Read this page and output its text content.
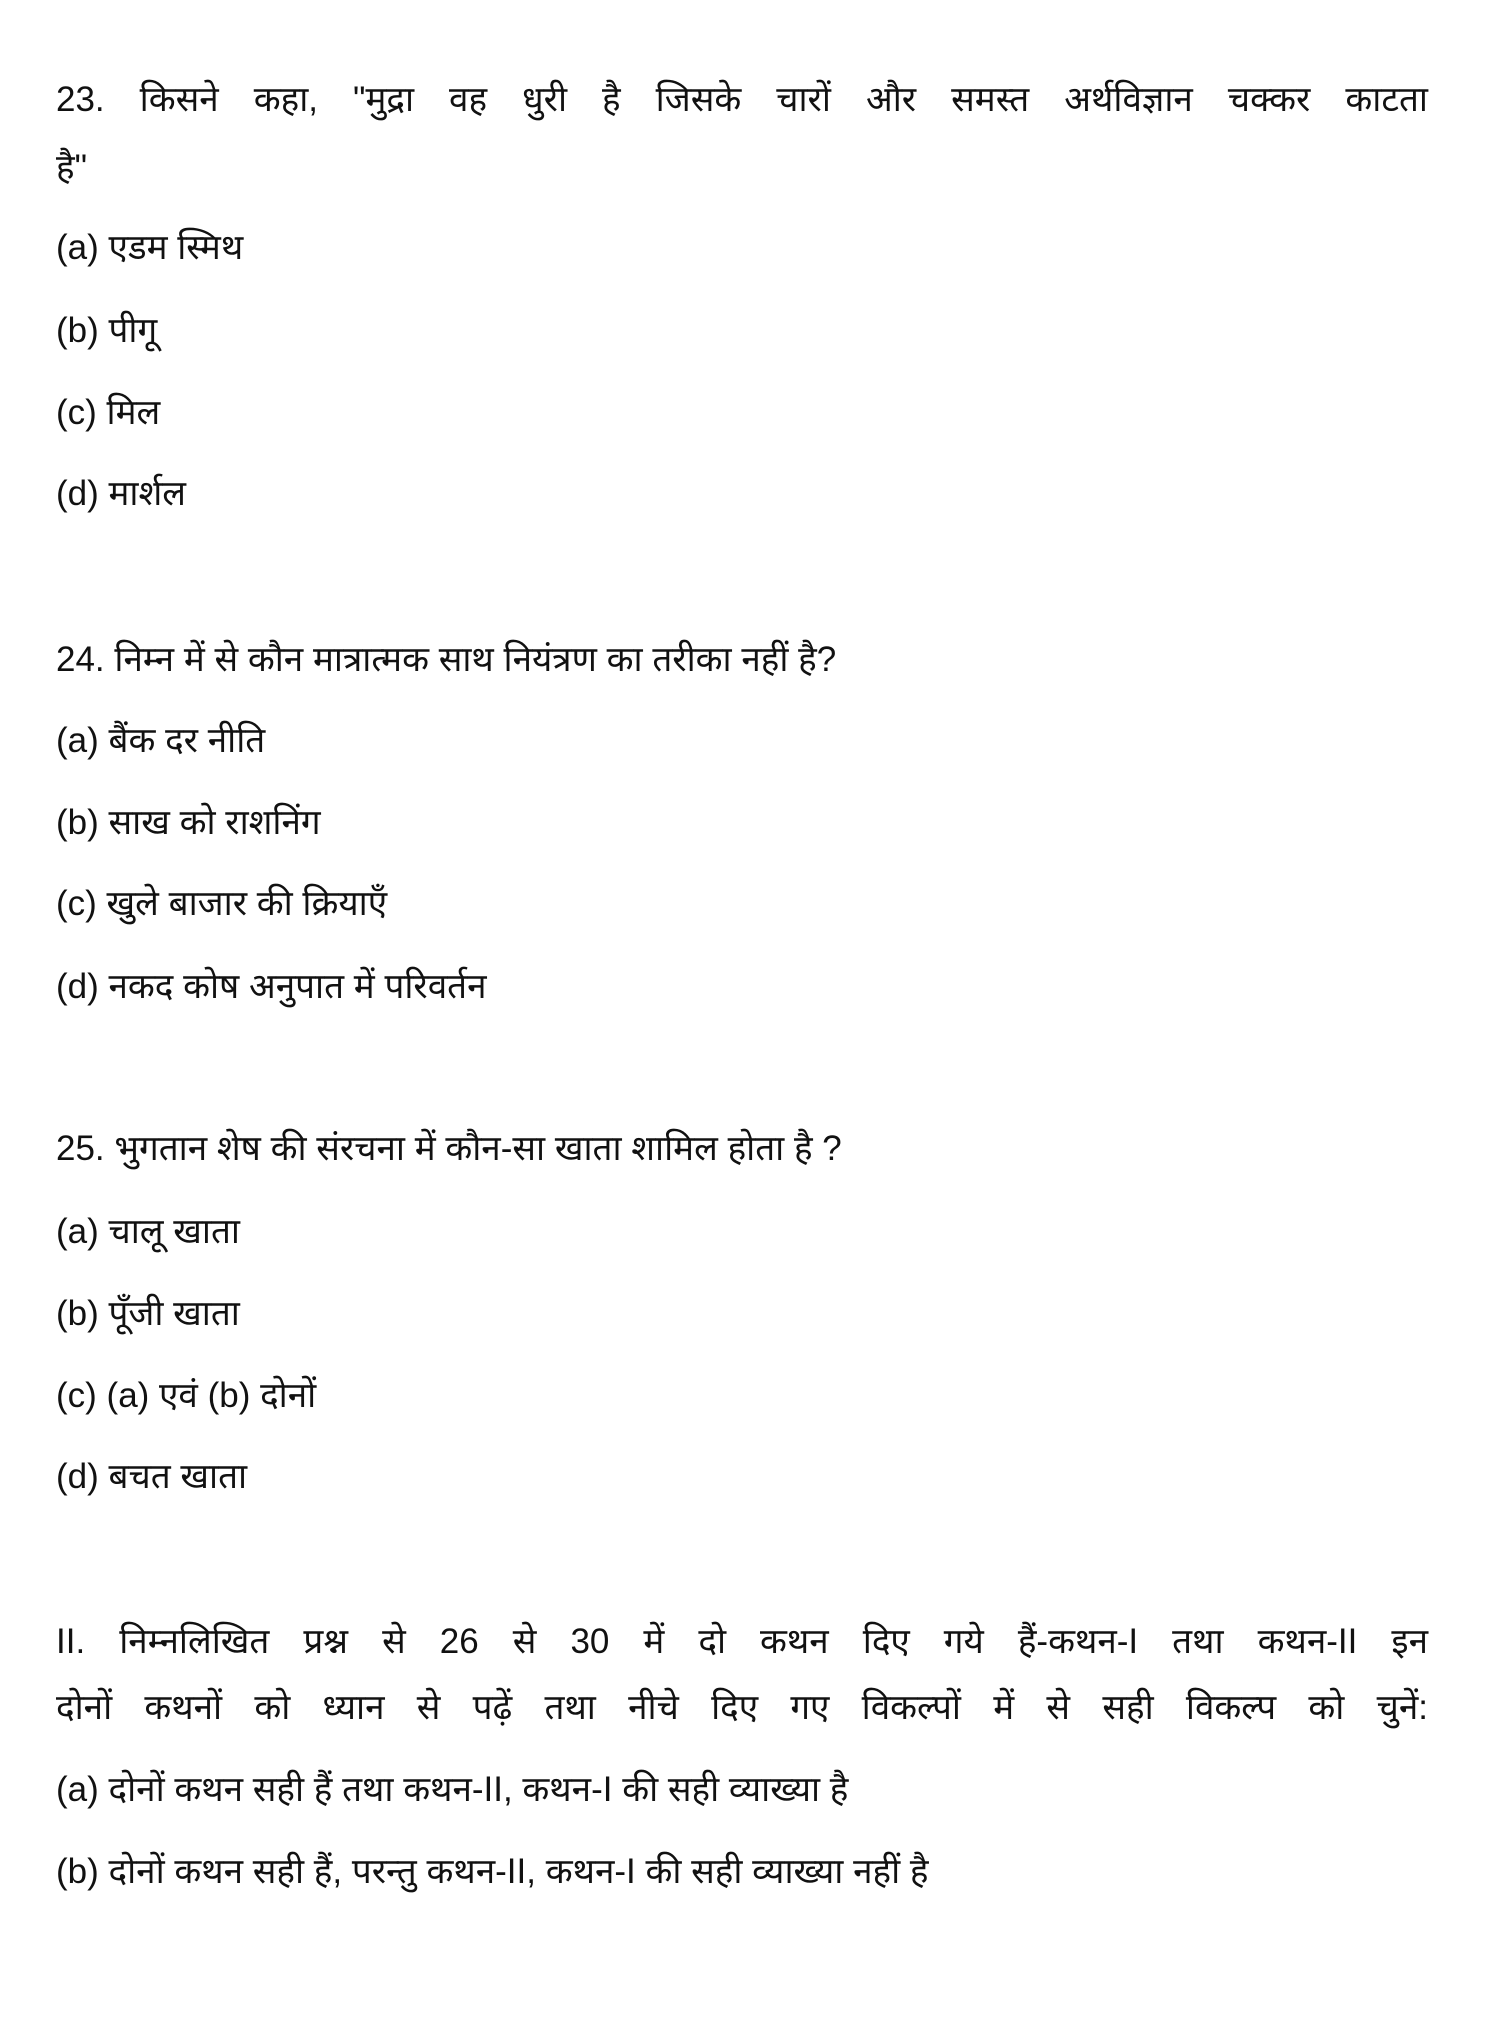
23. किसने कहा, "मुद्रा वह धुरी है जिसके चारों और समस्त अर्थविज्ञान चक्कर काटता
है"
(a) एडम स्मिथ
(b) पीगू
(c) मिल
(d) मार्शल
24. निम्न में से कौन मात्रात्मक साथ नियंत्रण का तरीका नहीं है?
(a) बैंक दर नीति
(b) साख को राशनिंग
(c) खुले बाजार की क्रियाएँ
(d) नकद कोष अनुपात में परिवर्तन
25. भुगतान शेष की संरचना में कौन-सा खाता शामिल होता है ?
(a) चालू खाता
(b) पूँजी खाता
(c) (a) एवं (b) दोनों
(d) बचत खाता
II. निम्नलिखित प्रश्न से 26 से 30 में दो कथन दिए गये हैं-कथन-I तथा कथन-II इन
दोनों कथनों को ध्यान से पढ़ें तथा नीचे दिए गए विकल्पों में से सही विकल्प को चुनें:
(a) दोनों कथन सही हैं तथा कथन-II, कथन-I की सही व्याख्या है
(b) दोनों कथन सही हैं, परन्तु कथन-II, कथन-I की सही व्याख्या नहीं है
